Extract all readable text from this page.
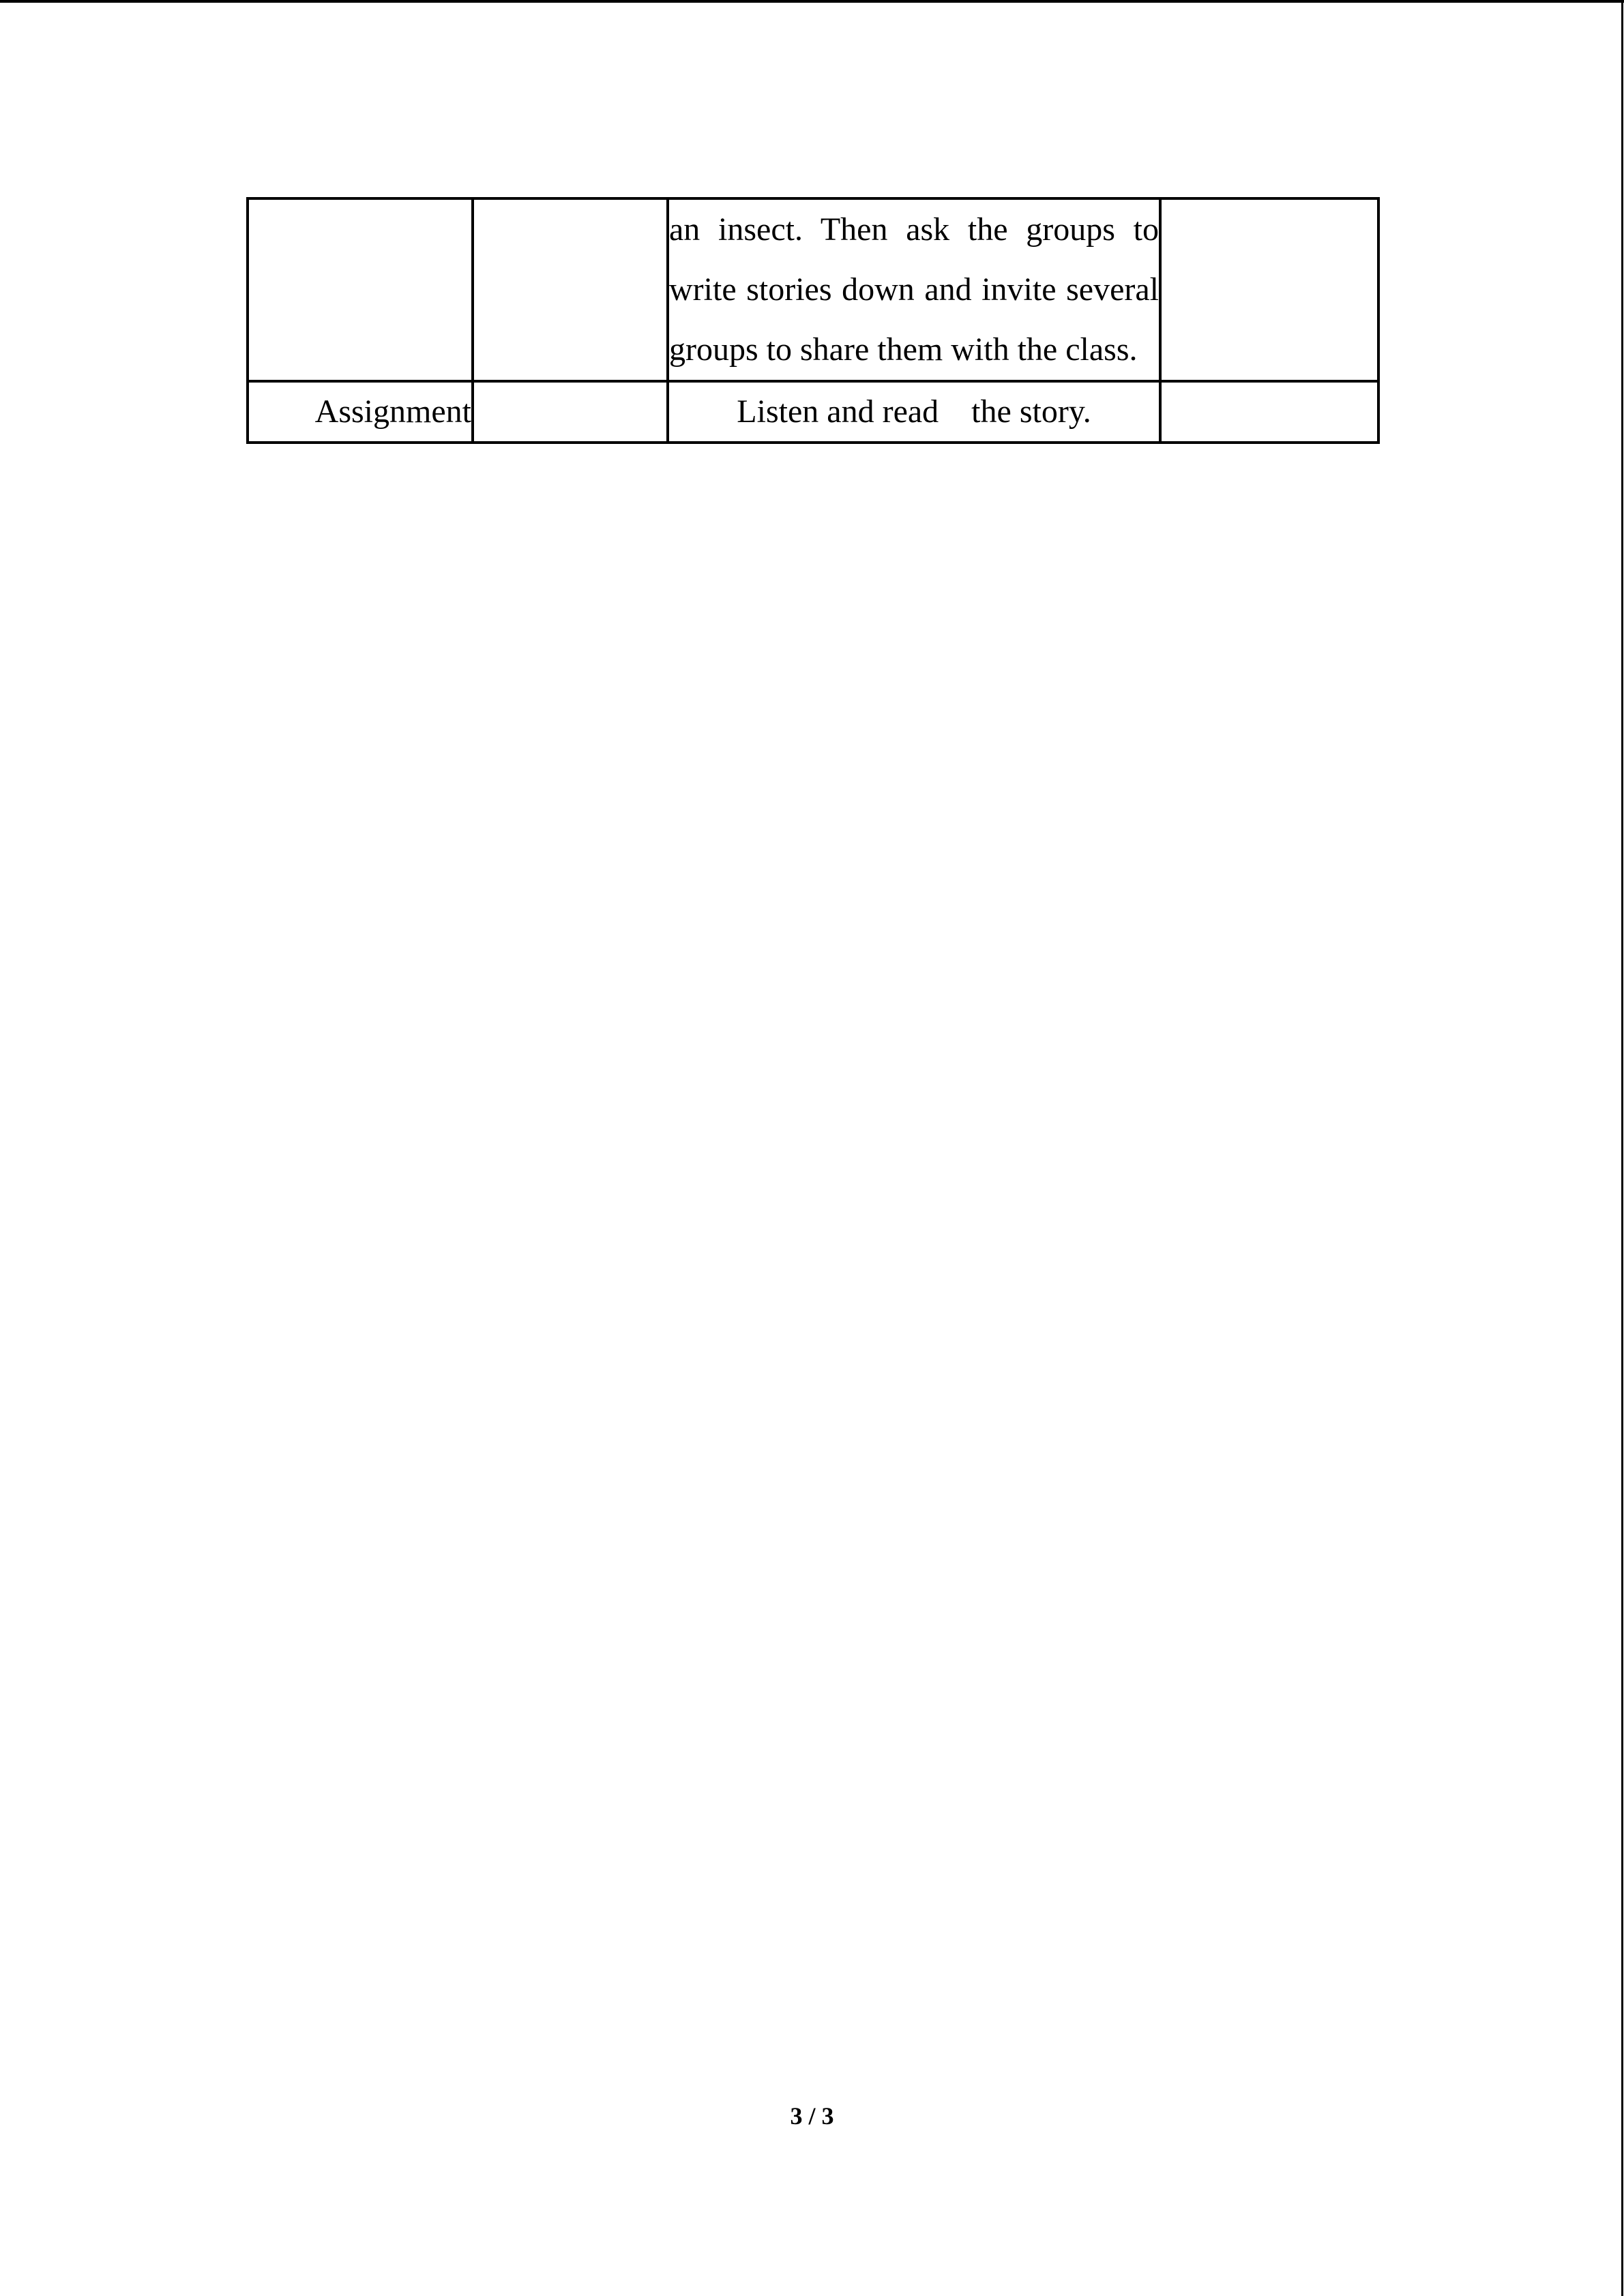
		an insect. Then ask the groups to write stories down and invite several groups to share them with the class.	

Assignment		Listen and read    the story.	

3 / 3
